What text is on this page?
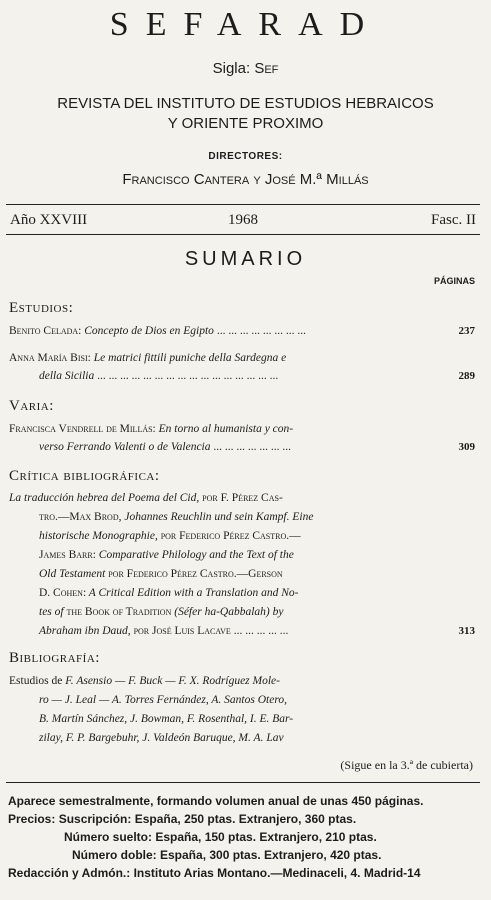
SEFARAD
Sigla: Sef
REVISTA DEL INSTITUTO DE ESTUDIOS HEBRAICOS
Y ORIENTE PROXIMO
DIRECTORES:
Francisco Cantera y José M.ª Millás
Año XXVIII	1968	Fasc. II
SUMARIO
PÁGINAS
Estudios:
Benito Celada: Concepto de Dios en Egipto ... ... ... ... ... ... ... ...	237
Anna María Bisi: Le matrici fittili puniche della Sardegna e
della Sicilia ... ... ... ... ... ... ... ... ... ... ... ... ... ... ... ...	289
Varia:
Francisca Vendrell de Millás: En torno al humanista y con-
verso Ferrando Valenti o de Valencia ... ... ... ... ... ... ...	309
Crítica bibliográfica:
La traducción hebrea del Poema del Cid, por F. Pérez Cas-
tro.—Max Brod, Johannes Reuchlin und sein Kampf. Eine
historische Monographie, por Federico Pérez Castro.—
James Barr: Comparative Philology and the Text of the
Old Testament por Federico Pérez Castro.—Gerson
D. Cohen: A Critical Edition with a Translation and No-
tes of the Book of Tradition (Séfer ha-Qabbalah) by
Abraham ibn Daud, por José Luis Lacave ... ... ... ... ...	313
Bibliografía:
Estudios de F. Asensio — F. Buck — F. X. Rodríguez Mole-
ro — J. Leal — A. Torres Fernández, A. Santos Otero,
B. Martín Sánchez, J. Bowman, F. Rosenthal, I. E. Bar-
zilay, F. P. Bargebuhr, J. Valdeón Baruque, M. A. Lav
(Sigue en la 3.ª de cubierta)
Aparece semestralmente, formando volumen anual de unas 450 páginas.
Precios: Suscripción: España, 250 ptas. Extranjero, 360 ptas.
Número suelto: España, 150 ptas. Extranjero, 210 ptas.
Número doble: España, 300 ptas. Extranjero, 420 ptas.
Redacción y Admón.: Instituto Arias Montano.—Medinaceli, 4. Madrid-14
